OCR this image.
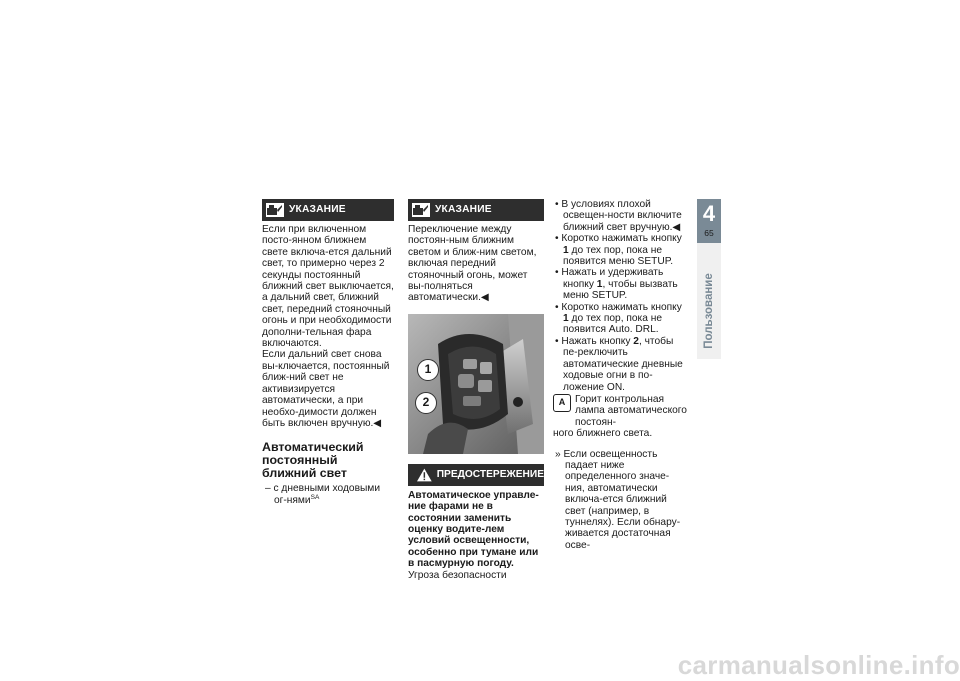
УКАЗАНИЕ
Если при включенном посто-янном ближнем свете включа-ется дальний свет, то примерно через 2 секунды постоянный ближний свет выключается, а дальний свет, ближний свет, передний стояночный огонь и при необходимости дополни-тельная фара включаются.
Если дальний свет снова вы-ключается, постоянный ближ-ний свет не активизируется автоматически, а при необхо-димости должен быть включен вручную.◀
Автоматический постоянный ближний свет
– с дневными ходовыми ог-нями$^{SA}$
УКАЗАНИЕ
Переключение между постоян-ным ближним светом и ближ-ним светом, включая передний стояночный огонь, может вы-полняться автоматически.◀
1
2
ПРЕДОСТЕРЕЖЕНИЕ
Автоматическое управле-ние фарами не в состоянии заменить оценку водите-лем условий освещенности, особенно при тумане или в пасмурную погоду.
Угроза безопасности
• В условиях плохой освещен-ности включите ближний свет вручную.◀
• Коротко нажимать кнопку 1 до тех пор, пока не появится меню SETUP.
• Нажать и удерживать кнопку 1, чтобы вызвать меню SETUP.
• Коротко нажимать кнопку 1 до тех пор, пока не появится Auto. DRL.
• Нажать кнопку 2, чтобы пе-реключить автоматические дневные ходовые огни в по-ложение ON.
A Горит контрольная лампа автоматического постоян-
ного ближнего света.
» Если освещенность падает ниже определенного значе-ния, автоматически включа-ется ближний свет (например, в туннелях). Если обнару-живается достаточная осве-
4
65
Пользование
carmanualsonline.info
